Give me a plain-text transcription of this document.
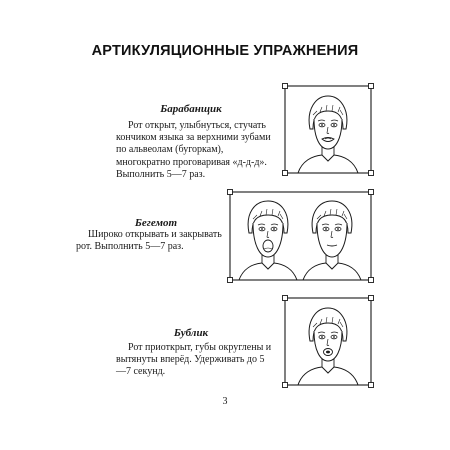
АРТИКУЛЯЦИОННЫЕ УПРАЖНЕНИЯ
Барабанщик

Рот открыт, улыбнуться, стучать кончиком языка за верхними зубами по альвеолам (бугоркам), многократно проговаривая «д-д-д». Выполнить 5—7 раз.

Бегемот

Широко открывать и закрывать рот. Выполнить 5—7 раз.

Бублик

Рот приоткрыт, губы округлены и вытянуты вперёд. Удерживать до 5—7 секунд.

3
